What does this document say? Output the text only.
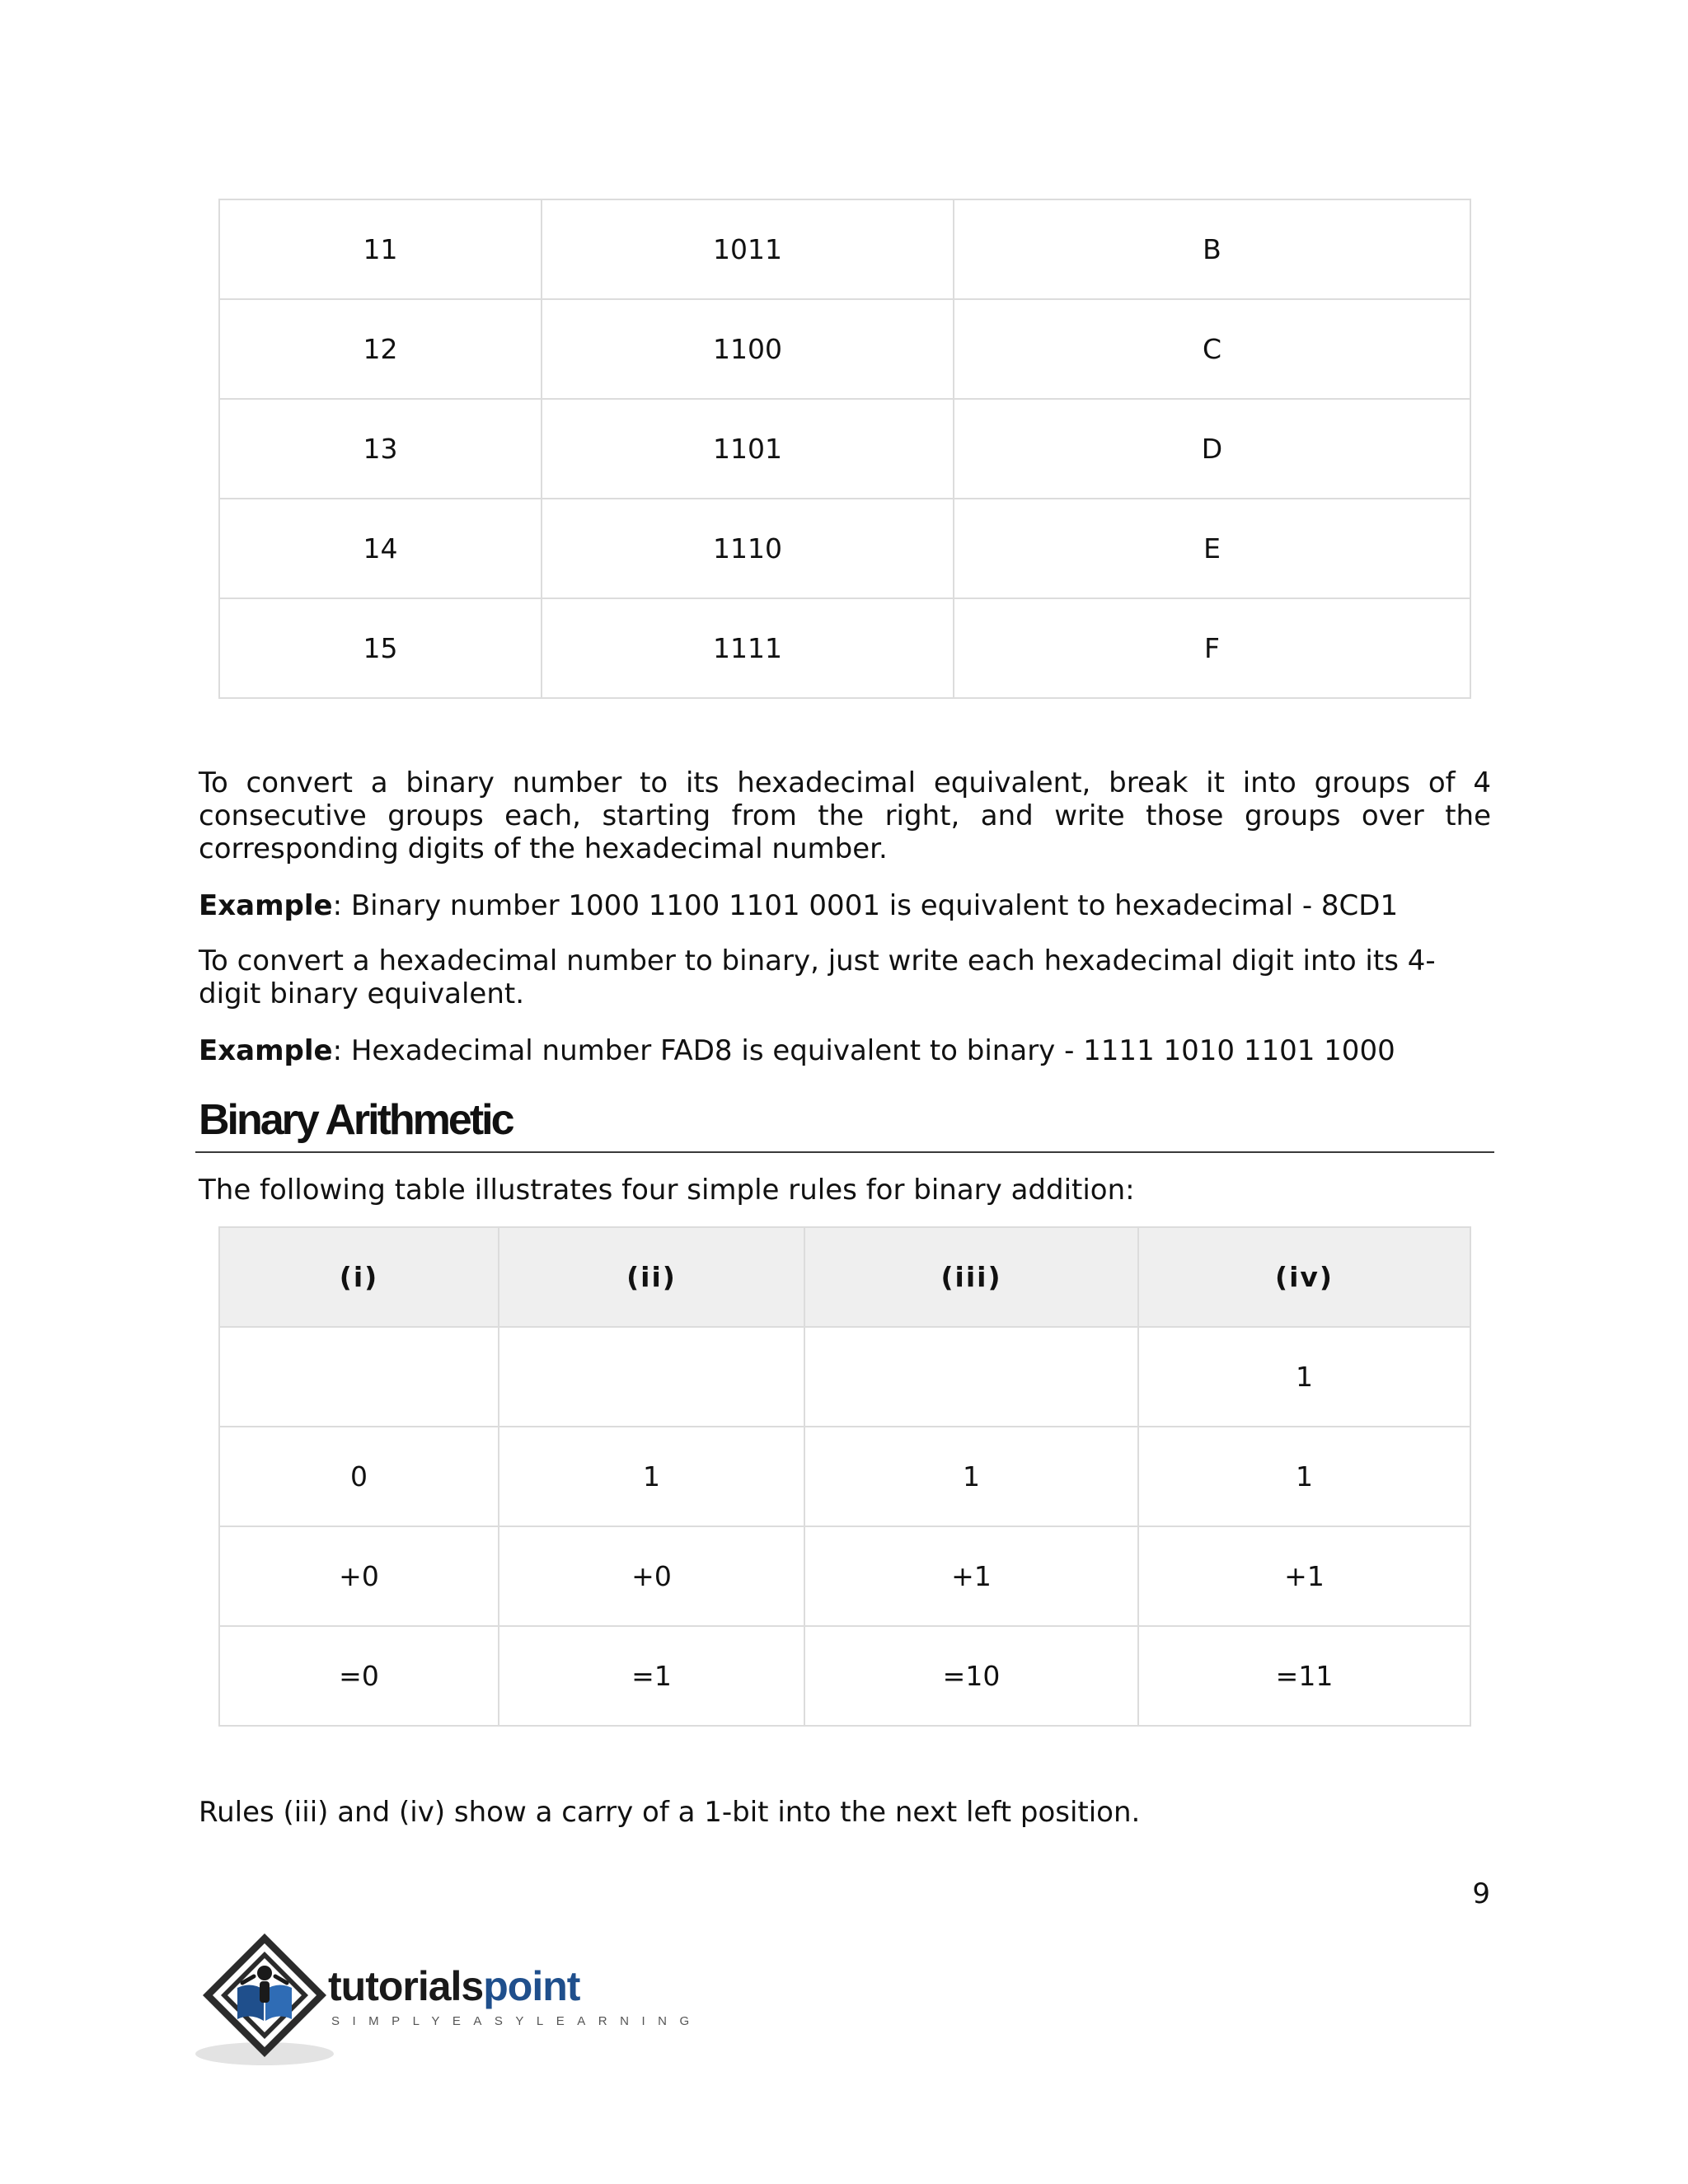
11	1011	B
12	1100	C
13	1101	D
14	1110	E
15	1111	F

To convert a binary number to its hexadecimal equivalent, break it into groups of 4 consecutive groups each, starting from the right, and write those groups over the corresponding digits of the hexadecimal number.

Example: Binary number 1000 1100 1101 0001 is equivalent to hexadecimal - 8CD1

To convert a hexadecimal number to binary, just write each hexadecimal digit into its 4-digit binary equivalent.

Example: Hexadecimal number FAD8 is equivalent to binary - 1111 1010 1101 1000

Binary Arithmetic

The following table illustrates four simple rules for binary addition:

(i)	(ii)	(iii)	(iv)
			1
0	1	1	1
+0	+0	+1	+1
=0	=1	=10	=11

Rules (iii) and (iv) show a carry of a 1-bit into the next left position.

9
tutorialspoint
SIMPLYEASYLEARNING
